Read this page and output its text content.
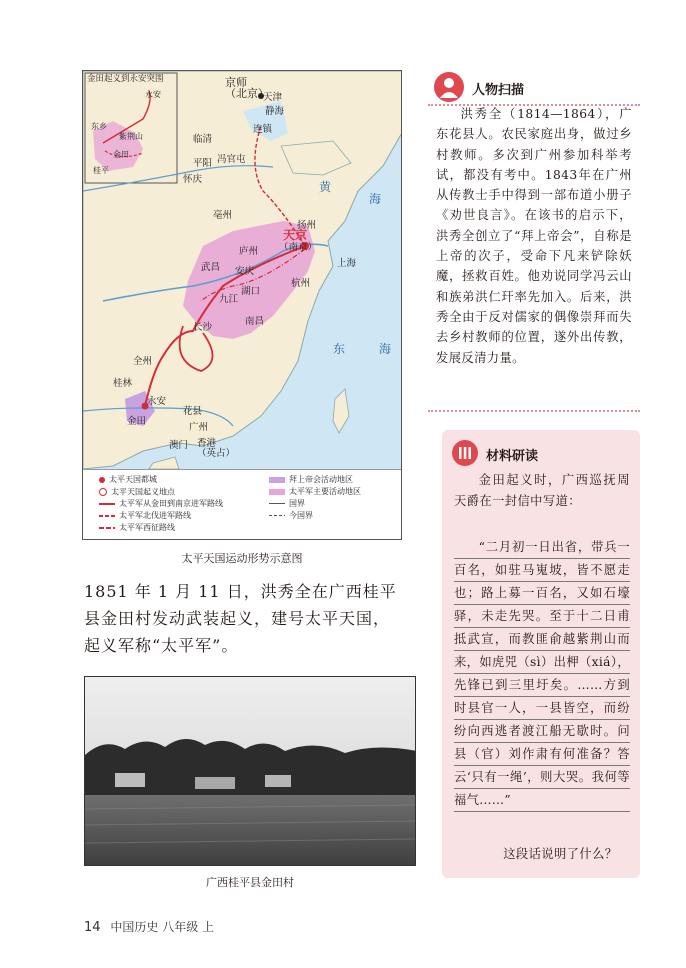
金田起义到永安突围
永安
东乡
紫荆山
金田
桂平
京师（北京）
天津
静海
临清
连镇
冯官屯
平阳
怀庆
亳州
天京
（南京）
扬州
庐州
武昌 安庆
上海
九江
湖口
杭州
南昌
长沙
全州
桂林
永安
金田
花县
广州
澳门 香港（英占）
黄
海
东	海
太平天国都城
太平天国起义地点
太平军从金田到南京进军路线
太平军北伐进军路线
太平军西征路线
拜上帝会活动地区
太平军主要活动地区
国界
今国界
太平天国运动形势示意图
1851 年 1 月 11 日，洪秀全在广西桂平县金田村发动武装起义，建号太平天国，起义军称“太平军”。
广西桂平县金田村
14 中国历史 八年级 上
人物扫描
洪秀全（1814—1864），广东花县人。农民家庭出身，做过乡村教师。多次到广州参加科举考试，都没有考中。1843年在广州从传教士手中得到一部布道小册子《劝世良言》。在该书的启示下，洪秀全创立了“拜上帝会”，自称是上帝的次子，受命下凡来铲除妖魔，拯救百姓。他劝说同学冯云山和族弟洪仁玕率先加入。后来，洪秀全由于反对儒家的偶像崇拜而失去乡村教师的位置，遂外出传教，发展反清力量。
材料研读
金田起义时，广西巡抚周天爵在一封信中写道：
“二月初一日出省，带兵一百名，如驻马嵬坡，皆不愿走也；路上募一百名，又如石壕驿，未走先哭。至于十二日甫抵武宣，而教匪俞越紫荆山而来，如虎兕（sì）出柙（xiá），先锋已到三里圩矣。……方到时县官一人，一县皆空，而纷纷向西逃者渡江船无歇时。问县（官）刘作肃有何准备？答云‘只有一绳’，则大哭。我何等福气……”
这段话说明了什么？
